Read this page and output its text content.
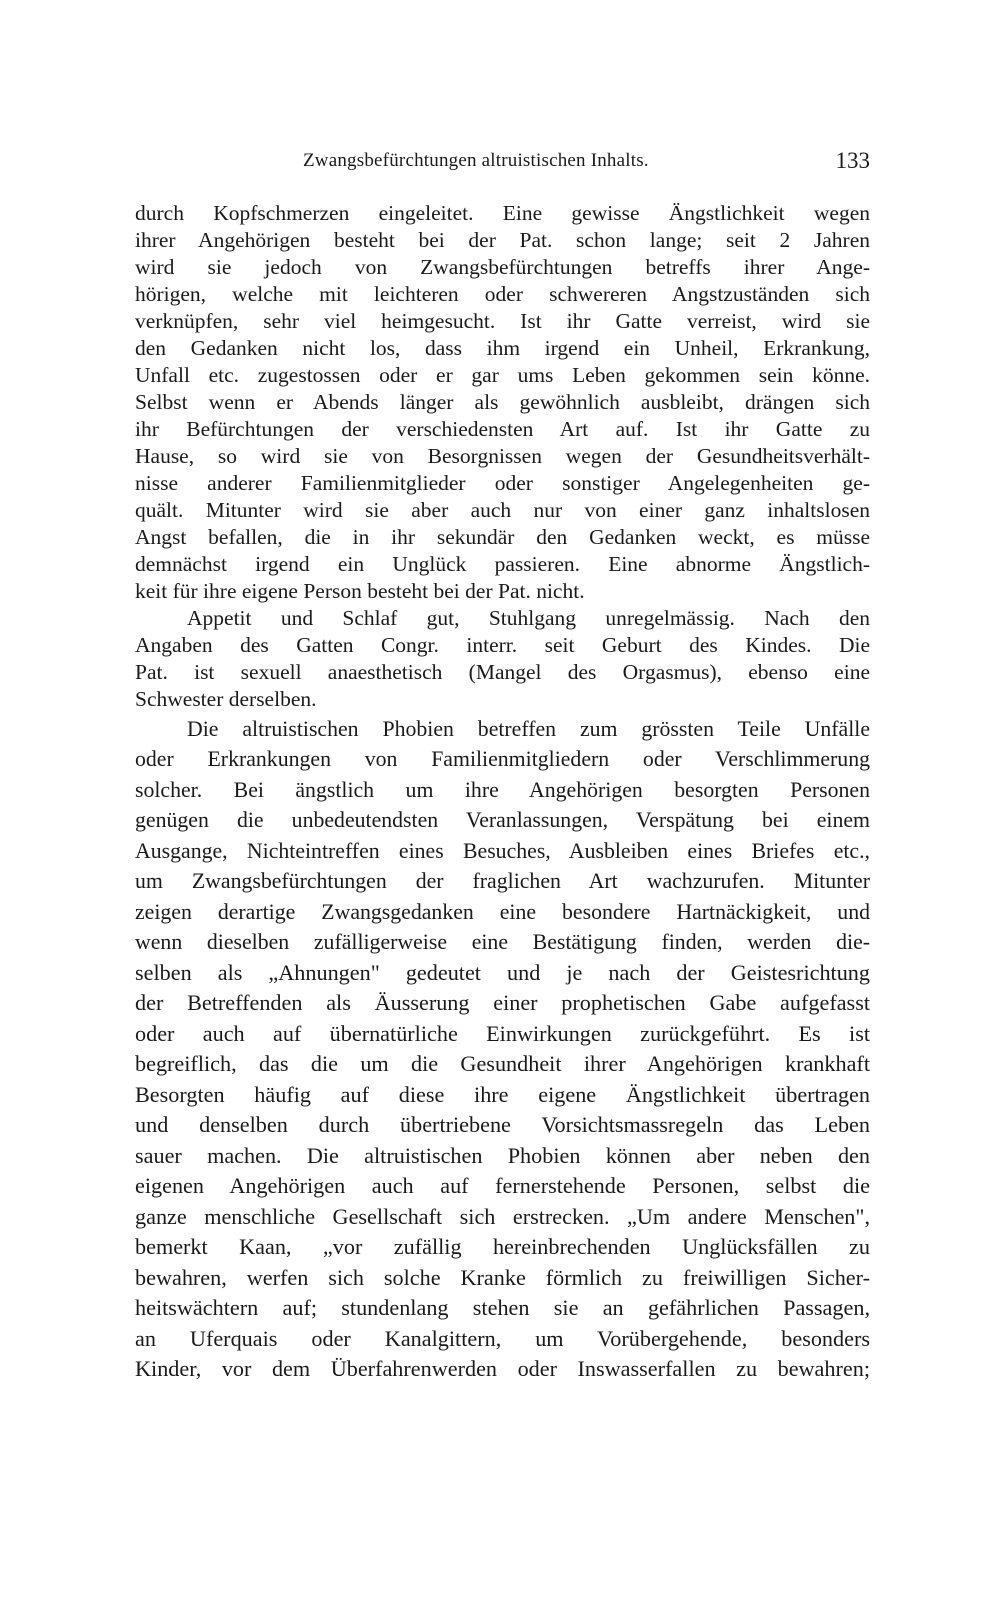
Zwangsbefürchtungen altruistischen Inhalts.	133
durch Kopfschmerzen eingeleitet. Eine gewisse Ängstlichkeit wegen
ihrer Angehörigen besteht bei der Pat. schon lange; seit 2 Jahren
wird sie jedoch von Zwangsbefürchtungen betreffs ihrer Ange-
hörigen, welche mit leichteren oder schwereren Angstzuständen sich
verknüpfen, sehr viel heimgesucht. Ist ihr Gatte verreist, wird sie
den Gedanken nicht los, dass ihm irgend ein Unheil, Erkrankung,
Unfall etc. zugestossen oder er gar ums Leben gekommen sein könne.
Selbst wenn er Abends länger als gewöhnlich ausbleibt, drängen sich
ihr Befürchtungen der verschiedensten Art auf. Ist ihr Gatte zu
Hause, so wird sie von Besorgnissen wegen der Gesundheitsverhält-
nisse anderer Familienmitglieder oder sonstiger Angelegenheiten ge-
quält. Mitunter wird sie aber auch nur von einer ganz inhaltslosen
Angst befallen, die in ihr sekundär den Gedanken weckt, es müsse
demnächst irgend ein Unglück passieren. Eine abnorme Ängstlich-
keit für ihre eigene Person besteht bei der Pat. nicht.
Appetit und Schlaf gut, Stuhlgang unregelmässig. Nach den
Angaben des Gatten Congr. interr. seit Geburt des Kindes. Die
Pat. ist sexuell anaesthetisch (Mangel des Orgasmus), ebenso eine
Schwester derselben.
Die altruistischen Phobien betreffen zum grössten Teile Unfälle
oder Erkrankungen von Familienmitgliedern oder Verschlimmerung
solcher. Bei ängstlich um ihre Angehörigen besorgten Personen
genügen die unbedeutendsten Veranlassungen, Verspätung bei einem
Ausgange, Nichteintreffen eines Besuches, Ausbleiben eines Briefes etc.,
um Zwangsbefürchtungen der fraglichen Art wachzurufen. Mitunter
zeigen derartige Zwangsgedanken eine besondere Hartnäckigkeit, und
wenn dieselben zufälligerweise eine Bestätigung finden, werden die-
selben als „Ahnungen" gedeutet und je nach der Geistesrichtung
der Betreffenden als Äusserung einer prophetischen Gabe aufgefasst
oder auch auf übernatürliche Einwirkungen zurückgeführt. Es ist
begreiflich, das die um die Gesundheit ihrer Angehörigen krankhaft
Besorgten häufig auf diese ihre eigene Ängstlichkeit übertragen
und denselben durch übertriebene Vorsichtsmassregeln das Leben
sauer machen. Die altruistischen Phobien können aber neben den
eigenen Angehörigen auch auf fernerstehende Personen, selbst die
ganze menschliche Gesellschaft sich erstrecken. „Um andere Menschen",
bemerkt Kaan, „vor zufällig hereinbrechenden Unglücksfällen zu
bewahren, werfen sich solche Kranke förmlich zu freiwilligen Sicher-
heitswächtern auf; stundenlang stehen sie an gefährlichen Passagen,
an Uferquais oder Kanalgittern, um Vorübergehende, besonders
Kinder, vor dem Überfahrenwerden oder Inswasserfallen zu bewahren;
